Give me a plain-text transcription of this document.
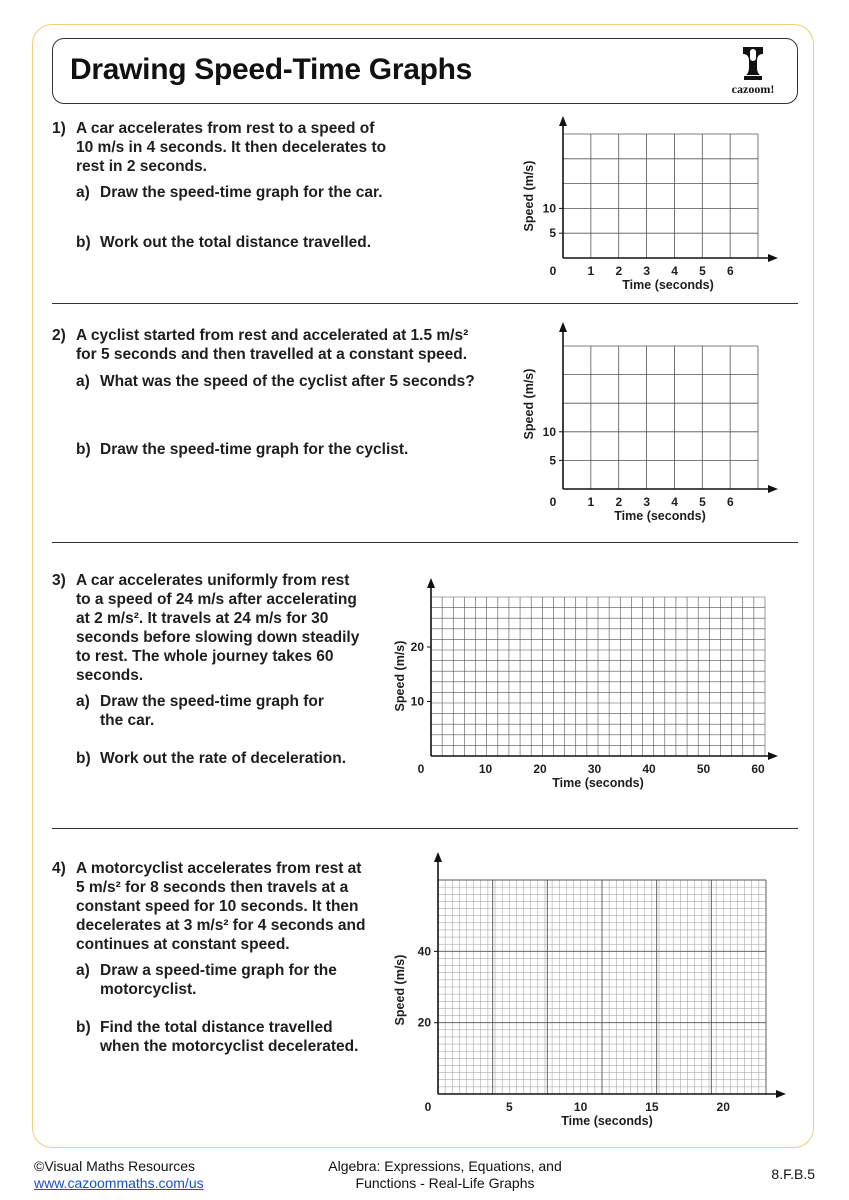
Drawing Speed-Time Graphs
cazoom!
1) A car accelerates from rest to a speed of

10 m/s in 4 seconds. It then decelerates to

rest in 2 seconds.

a) Draw the speed-time graph for the car.
b) Work out the total distance travelled.
0	1 2 3 4 5 6
5
10
Time (seconds)
Speed (m/s)
2) A cyclist started from rest and accelerated at 1.5 m/s²

for 5 seconds and then travelled at a constant speed.

a) What was the speed of the cyclist after 5 seconds?
b) Draw the speed-time graph for the cyclist.
0	1 2 3 4 5 6
5
10
Time (seconds)
Speed (m/s)
3) A car accelerates uniformly from rest

to a speed of 24 m/s after accelerating

at 2 m/s². It travels at 24 m/s for 30

seconds before slowing down steadily

to rest. The whole journey takes 60

seconds.

a) Draw the speed-time graph for
the car.
b) Work out the rate of deceleration.
0	10	20	30	40	50	60
10
20
Time (seconds)
Speed (m/s)
4) A motorcyclist accelerates from rest at

5 m/s² for 8 seconds then travels at a

constant speed for 10 seconds. It then

decelerates at 3 m/s² for 4 seconds and

continues at constant speed.

a) Draw a speed-time graph for the
motorcyclist.
b) Find the total distance travelled
when the motorcyclist decelerated.
0	5	10	15	20
20
40
Time (seconds)
Speed (m/s)
©Visual Maths Resources
www.cazoommaths.com/us
Algebra: Expressions, Equations, and
Functions - Real-Life Graphs
8.F.B.5
